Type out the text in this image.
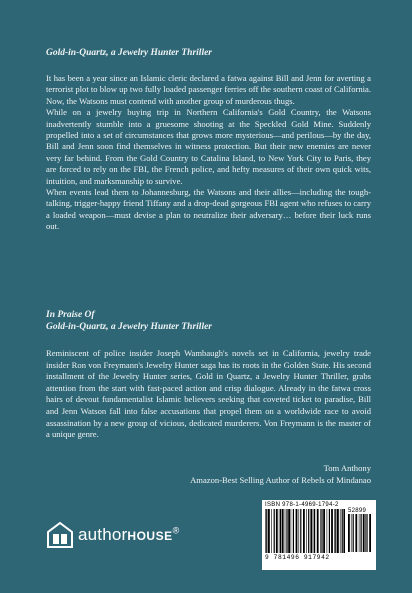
Gold-in-Quartz, a Jewelry Hunter Thriller

It has been a year since an Islamic cleric declared a fatwa against Bill and Jenn for averting a terrorist plot to blow up two fully loaded passenger ferries off the southern coast of California. Now, the Watsons must contend with another group of murderous thugs.

While on a jewelry buying trip in Northern California's Gold Country, the Watsons inadvertently stumble into a gruesome shooting at the Speckled Gold Mine. Suddenly propelled into a set of circumstances that grows more mysterious—and perilous—by the day, Bill and Jenn soon find themselves in witness protection. But their new enemies are never very far behind. From the Gold Country to Catalina Island, to New York City to Paris, they are forced to rely on the FBI, the French police, and hefty measures of their own quick wits, intuition, and marksmanship to survive.

When events lead them to Johannesburg, the Watsons and their allies—including the tough-talking, trigger-happy friend Tiffany and a drop-dead gorgeous FBI agent who refuses to carry a loaded weapon—must devise a plan to neutralize their adversary… before their luck runs out.

In Praise Of
Gold-in-Quartz, a Jewelry Hunter Thriller

Reminiscent of police insider Joseph Wambaugh's novels set in California, jewelry trade insider Ron von Freymann's Jewelry Hunter saga has its roots in the Golden State. His second installment of the Jewelry Hunter series, Gold in Quartz, a Jewelry Hunter Thriller, grabs attention from the start with fast-paced action and crisp dialogue. Already in the fatwa cross hairs of devout fundamentalist Islamic believers seeking that coveted ticket to paradise, Bill and Jenn Watson fall into false accusations that propel them on a worldwide race to avoid assassination by a new group of vicious, dedicated murderers. Von Freymann is the master of a unique genre.

Tom Anthony
Amazon-Best Selling Author of Rebels of Mindanao
authorHOUSE®
ISBN 978-1-4969-1794-2
52899
9 781496 917942
